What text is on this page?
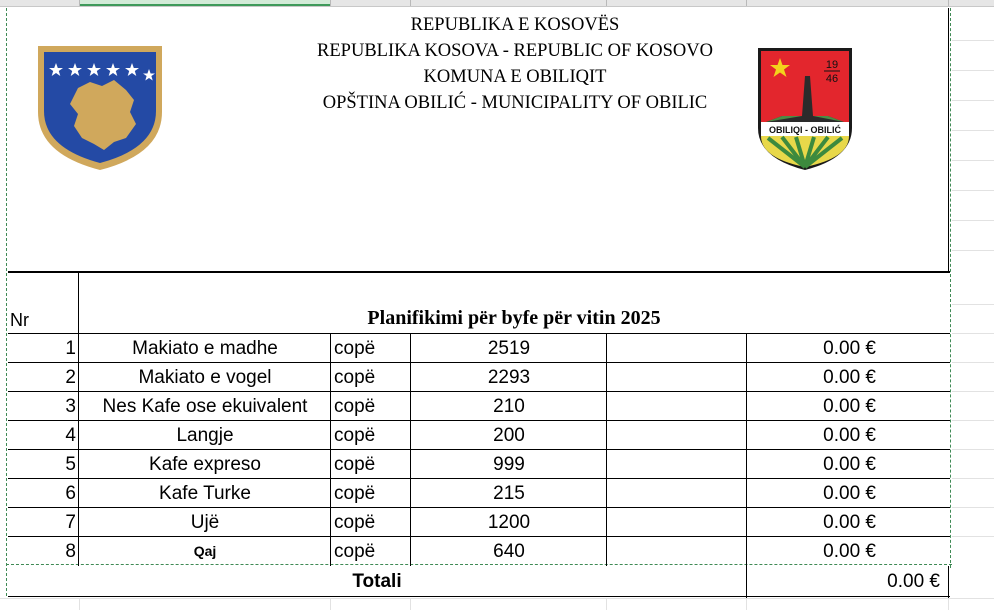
REPUBLIKA E KOSOVËS
REPUBLIKA KOSOVA - REPUBLIC OF KOSOVO
KOMUNA E OBILIQIT
OPŠTINA OBILIĆ - MUNICIPALITY OF OBILIC
19
46
OBILIQI - OBILIĆ
Nr	Planifikimi për byfe për vitin 2025
1	Makiato e madhe	copë	2519	0.00 €
2	Makiato e vogel	copë	2293	0.00 €
3	Nes Kafe ose ekuivalent	copë	210	0.00 €
4	Langje	copë	200	0.00 €
5	Kafe expreso	copë	999	0.00 €
6	Kafe Turke	copë	215	0.00 €
7	Ujë	copë	1200	0.00 €
8	Qaj	copë	640	0.00 €
Totali	0.00 €
